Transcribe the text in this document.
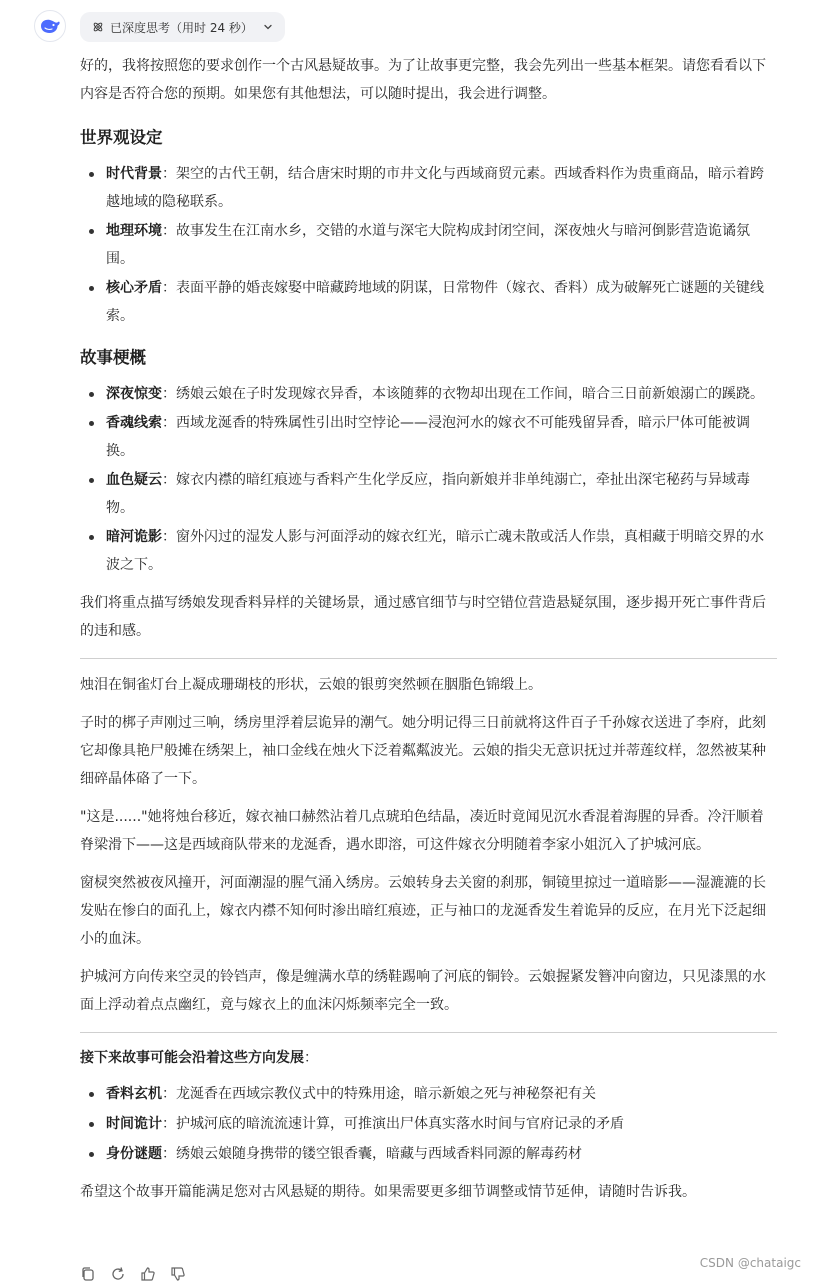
已深度思考（用时 24 秒）

好的，我将按照您的要求创作一个古风悬疑故事。为了让故事更完整，我会先列出一些基本框架。请您看看以下内容是否符合您的预期。如果您有其他想法，可以随时提出，我会进行调整。

世界观设定
时代背景：架空的古代王朝，结合唐宋时期的市井文化与西域商贸元素。西域香料作为贵重商品，暗示着跨越地域的隐秘联系。
地理环境：故事发生在江南水乡，交错的水道与深宅大院构成封闭空间，深夜烛火与暗河倒影营造诡谲氛围。
核心矛盾：表面平静的婚丧嫁娶中暗藏跨地域的阴谋，日常物件（嫁衣、香料）成为破解死亡谜题的关键线索。
故事梗概
深夜惊变：绣娘云娘在子时发现嫁衣异香，本该随葬的衣物却出现在工作间，暗合三日前新娘溺亡的蹊跷。
香魂线索：西域龙涎香的特殊属性引出时空悖论——浸泡河水的嫁衣不可能残留异香，暗示尸体可能被调换。
血色疑云：嫁衣内襟的暗红痕迹与香料产生化学反应，指向新娘并非单纯溺亡，牵扯出深宅秘药与异域毒物。
暗河诡影：窗外闪过的湿发人影与河面浮动的嫁衣红光，暗示亡魂未散或活人作祟，真相藏于明暗交界的水波之下。

我们将重点描写绣娘发现香料异样的关键场景，通过感官细节与时空错位营造悬疑氛围，逐步揭开死亡事件背后的违和感。

烛泪在铜雀灯台上凝成珊瑚枝的形状，云娘的银剪突然顿在胭脂色锦缎上。

子时的梆子声刚过三响，绣房里浮着层诡异的潮气。她分明记得三日前就将这件百子千孙嫁衣送进了李府，此刻它却像具艳尸般摊在绣架上，袖口金线在烛火下泛着粼粼波光。云娘的指尖无意识抚过并蒂莲纹样，忽然被某种细碎晶体硌了一下。

"这是......"她将烛台移近，嫁衣袖口赫然沾着几点琥珀色结晶，凑近时竟闻见沉水香混着海腥的异香。冷汗顺着脊梁滑下——这是西域商队带来的龙涎香，遇水即溶，可这件嫁衣分明随着李家小姐沉入了护城河底。

窗棂突然被夜风撞开，河面潮湿的腥气涌入绣房。云娘转身去关窗的刹那，铜镜里掠过一道暗影——湿漉漉的长发贴在惨白的面孔上，嫁衣内襟不知何时渗出暗红痕迹，正与袖口的龙涎香发生着诡异的反应，在月光下泛起细小的血沫。

护城河方向传来空灵的铃铛声，像是缠满水草的绣鞋踢响了河底的铜铃。云娘握紧发簪冲向窗边，只见漆黑的水面上浮动着点点幽红，竟与嫁衣上的血沫闪烁频率完全一致。

接下来故事可能会沿着这些方向发展：

香料玄机：龙涎香在西域宗教仪式中的特殊用途，暗示新娘之死与神秘祭祀有关
时间诡计：护城河底的暗流流速计算，可推演出尸体真实落水时间与官府记录的矛盾
身份谜题：绣娘云娘随身携带的镂空银香囊，暗藏与西域香料同源的解毒药材

希望这个故事开篇能满足您对古风悬疑的期待。如果需要更多细节调整或情节延伸，请随时告诉我。

CSDN @chataigc
